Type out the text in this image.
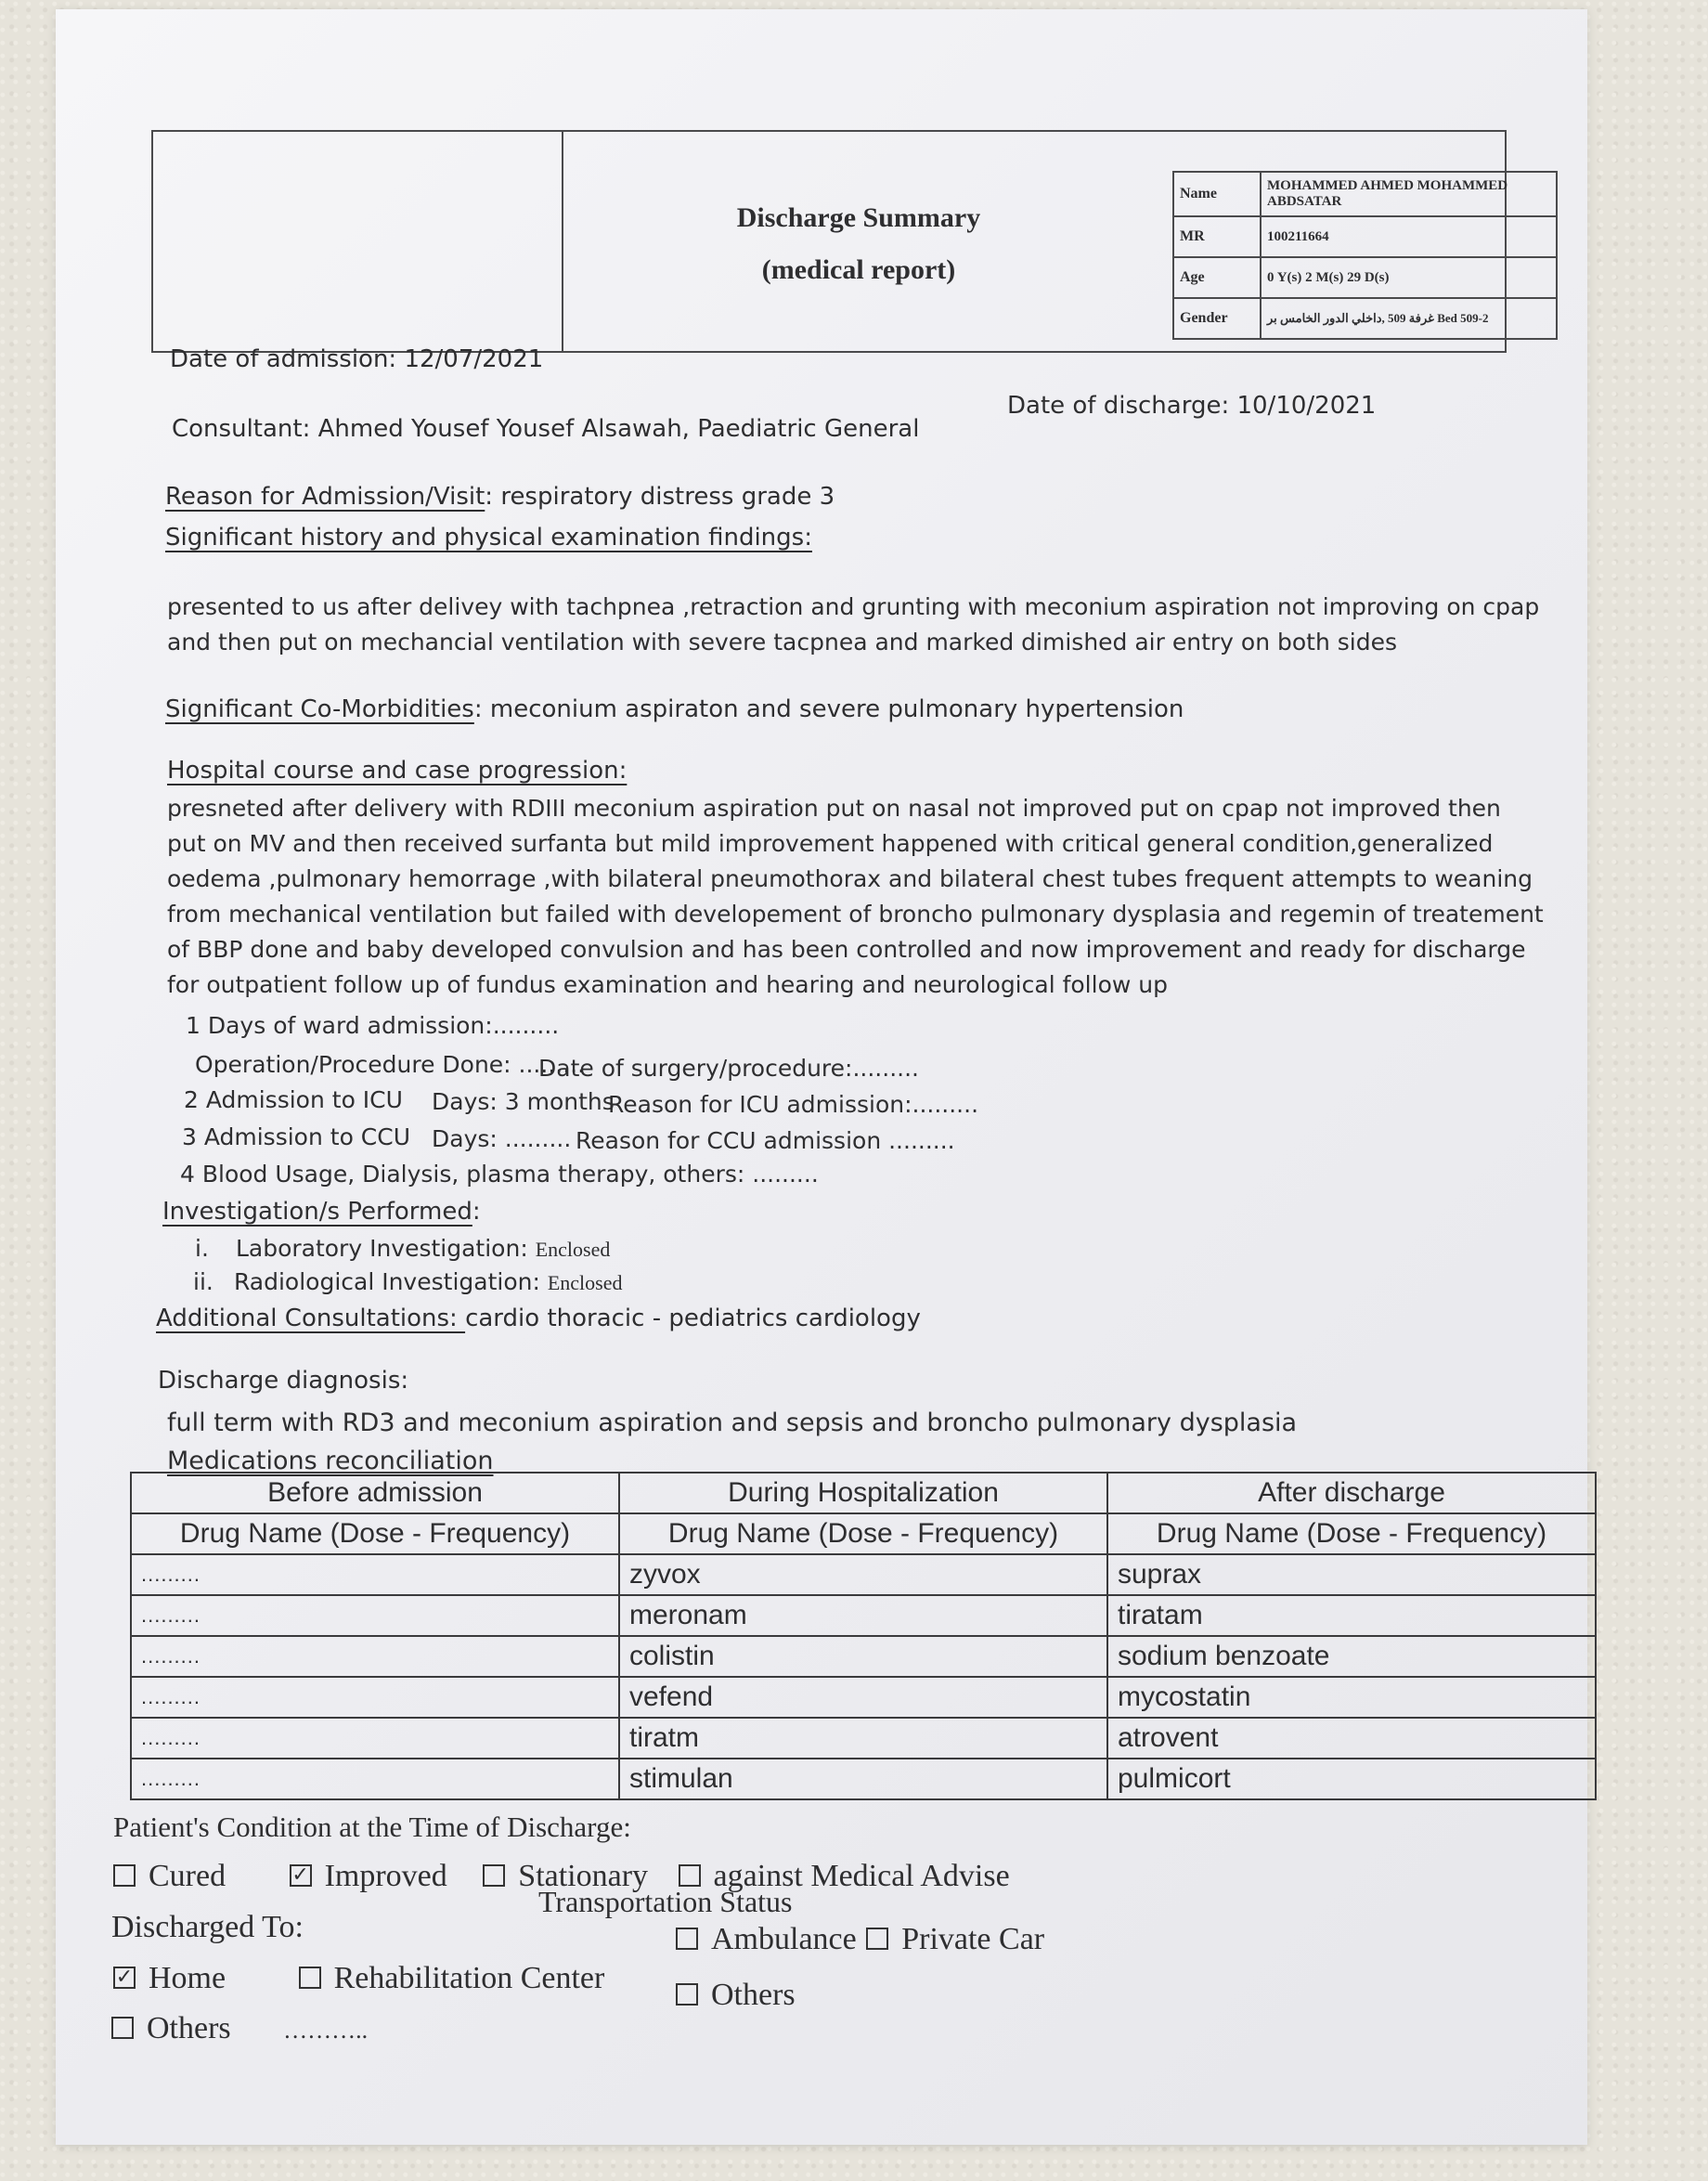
Discharge Summary
(medical report)
Name	MOHAMMED AHMED MOHAMMED ABDSATAR
MR	100211664
Age	0 Y(s) 2 M(s) 29 D(s)
Gender	غرفة 509 ,داخلي الدور الخامس بر Bed 509-2
Date of admission: 12/07/2021
Date of discharge: 10/10/2021
Consultant: Ahmed Yousef Yousef Alsawah, Paediatric General
Reason for Admission/Visit: respiratory distress grade 3
Significant history and physical examination findings:
presented to us after delivey with tachpnea ,retraction and grunting with meconium aspiration not improving on cpap
and then put on mechancial ventilation with severe tacpnea and marked dimished air entry on both sides
Significant Co-Morbidities: meconium aspiraton and severe pulmonary hypertension
Hospital course and case progression:
presneted after delivery with RDIII meconium aspiration put on nasal not improved put on cpap not improved then
put on MV and then received surfanta but mild improvement happened with critical general condition,generalized
oedema ,pulmonary hemorrage ,with bilateral pneumothorax and bilateral chest tubes frequent attempts to weaning
from mechanical ventilation but failed with developement of broncho pulmonary dysplasia and regemin of treatement
of BBP done and baby developed convulsion and has been controlled and now improvement and ready for discharge
for outpatient follow up of fundus examination and hearing and neurological follow up
1 Days of ward admission:.........
Operation/Procedure Done: .........
Date of surgery/procedure:.........
2 Admission to ICU Days: 3 months
Reason for ICU admission:.........
3 Admission to CCU Days: ......... Reason for CCU admission .........
4 Blood Usage, Dialysis, plasma therapy, others: .........
Investigation/s Performed:
i. Laboratory Investigation: Enclosed
ii. Radiological Investigation: Enclosed
Additional Consultations: cardio thoracic - pediatrics cardiology
Discharge diagnosis:
full term with RD3 and meconium aspiration and sepsis and broncho pulmonary dysplasia
Medications reconciliation
Before admission	During Hospitalization	After discharge
Drug Name (Dose - Frequency)	Drug Name (Dose - Frequency)	Drug Name (Dose - Frequency)
.........	zyvox	suprax
.........	meronam	tiratam
.........	colistin	sodium benzoate
.........	vefend	mycostatin
.........	tiratm	atrovent
.........	stimulan	pulmicort
Patient's Condition at the Time of Discharge:
Cured	✓ Improved Stationary against Medical Advise
Discharged To:
Transportation Status
✓ Home	Rehabilitation Center
Ambulance Private Car
Others
Others ………..
